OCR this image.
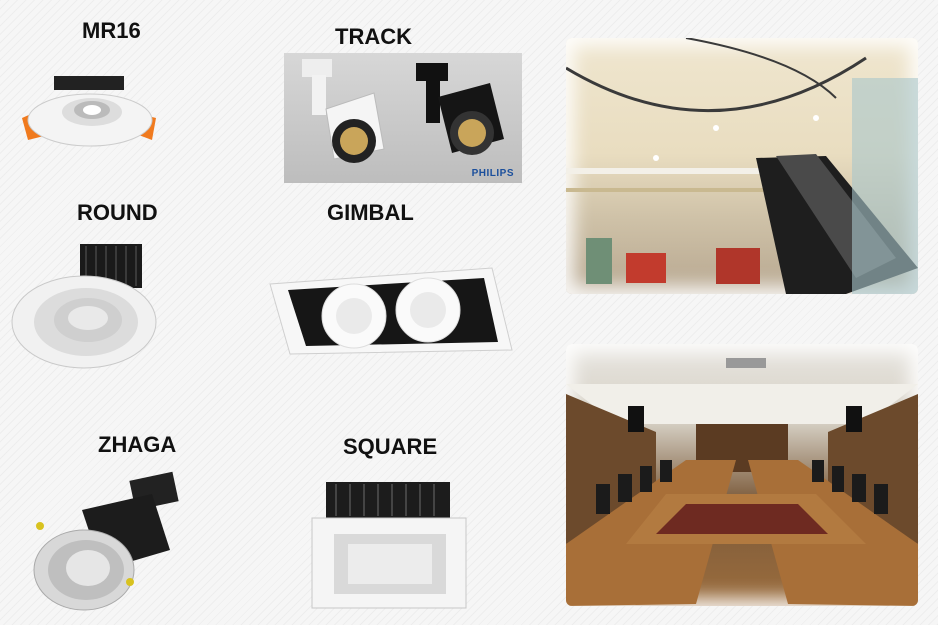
MR16	TRACK
PHILIPS
ROUND	GIMBAL
ZHAGA	SQUARE
